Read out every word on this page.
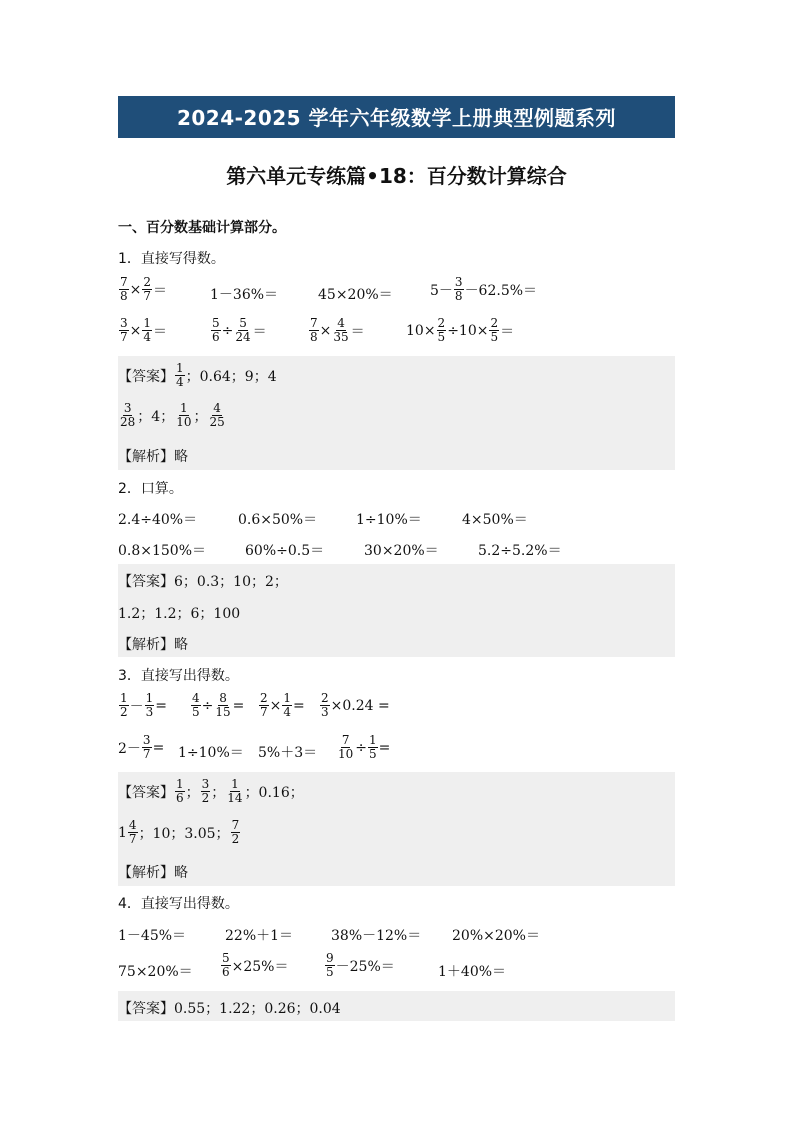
2024-2025 学年六年级数学上册典型例题系列
第六单元专练篇•18：百分数计算综合
一、百分数基础计算部分。
1．直接写得数。
$\frac{7}{8} \times \frac{2}{7}$ ＝	1－36%＝	45×20%＝	$5- \frac{3}{8} -62.5\%=$
$\frac{3}{7} \times \frac{1}{4}$ ＝	$\frac{5}{6} \div \frac{5}{24}$ ＝	$\frac{7}{8} \times \frac{4}{35}$ ＝	$10\times \frac{2}{5} \div 10\times \frac{2}{5}$ ＝
【答案】 $\frac{1}{4}$ ；0.64；9；4
$\frac{3}{28}$ ；4； $\frac{1}{10}$ ； $\frac{4}{25}$
【解析】 略
2．口算。
2.4÷40%＝	0.6×50%＝	1÷10%＝	4×50%＝
0.8×150%＝	60%÷0.5＝	30×20%＝	5.2÷5.2%＝
【答案】 6；0.3；10；2；
1.2；1.2；6；100
【解析】 略
3．直接写出得数。
$\frac{1}{2} - \frac{1}{3} = \frac{4}{5} \div \frac{8}{15} = \frac{2}{7} \times \frac{1}{4} = \frac{2}{3} \times 0.24$ =
$2- \frac{3}{7} = 1\div 10\%= 5\%+3= \frac{7}{10} \div \frac{1}{5}$ =
【答案】 $\frac{1}{6}$ ； $\frac{3}{2}$ ； $\frac{1}{14}$ ；0.16；
$1 \frac{4}{7}$ ；10；3.05； $\frac{7}{2}$
【解析】 略
4．直接写出得数。
1－45%＝	22%＋1＝	38%－12%＝ 20%×20%＝
$75\times 20\%= \frac{5}{6} \times 25\%=$	$\frac{9}{5} -25\%=$	1＋40%＝
【答案】 0.55；1.22；0.26；0.04
